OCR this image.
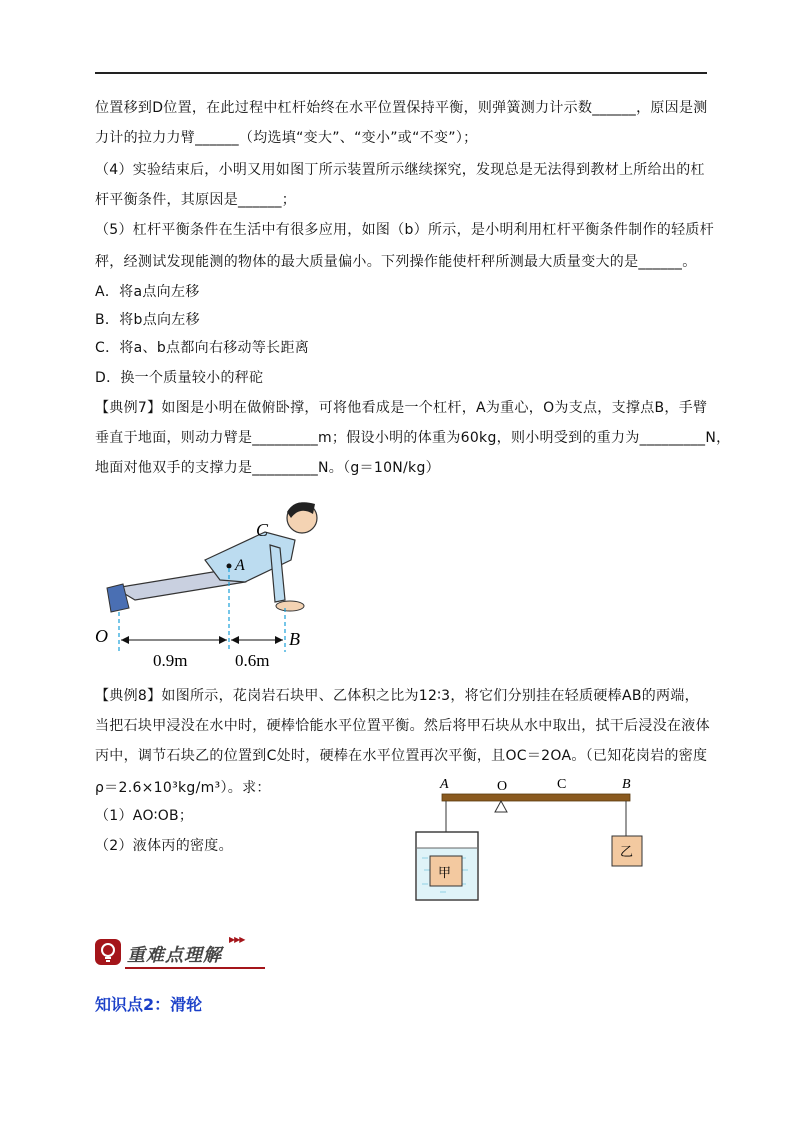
位置移到D位置，在此过程中杠杆始终在水平位置保持平衡，则弹簧测力计示数______，原因是测
力计的拉力力臂______（均选填“变大”、“变小”或“不变”）；
（4）实验结束后，小明又用如图丁所示装置所示继续探究，发现总是无法得到教材上所给出的杠
杆平衡条件，其原因是______；
（5）杠杆平衡条件在生活中有很多应用，如图（b）所示，是小明利用杠杆平衡条件制作的轻质杆
秤，经测试发现能测的物体的最大质量偏小。下列操作能使杆秤所测最大质量变大的是______。
A．将a点向左移
B．将b点向左移
C．将a、b点都向右移动等长距离
D．换一个质量较小的秤砣
【典例7】如图是小明在做俯卧撑，可将他看成是一个杠杆，A为重心，O为支点，支撑点B，手臂
垂直于地面，则动力臂是_________m；假设小明的体重为60kg，则小明受到的重力为_________N，
地面对他双手的支撑力是_________N。（g＝10N/kg）
C
A
O	B
0.9m	0.6m
【典例8】如图所示，花岗岩石块甲、乙体积之比为12∶3，将它们分别挂在轻质硬棒AB的两端，
当把石块甲浸没在水中时，硬棒恰能水平位置平衡。然后将甲石块从水中取出，拭干后浸没在液体
丙中，调节石块乙的位置到C处时，硬棒在水平位置再次平衡，且OC＝2OA。（已知花岗岩的密度
ρ＝2.6×10³kg/m³）。求：
（1）AO∶OB；
（2）液体丙的密度。
A	O	C	B
甲
乙
重难点理解
▶▶▶
知识点2：滑轮
